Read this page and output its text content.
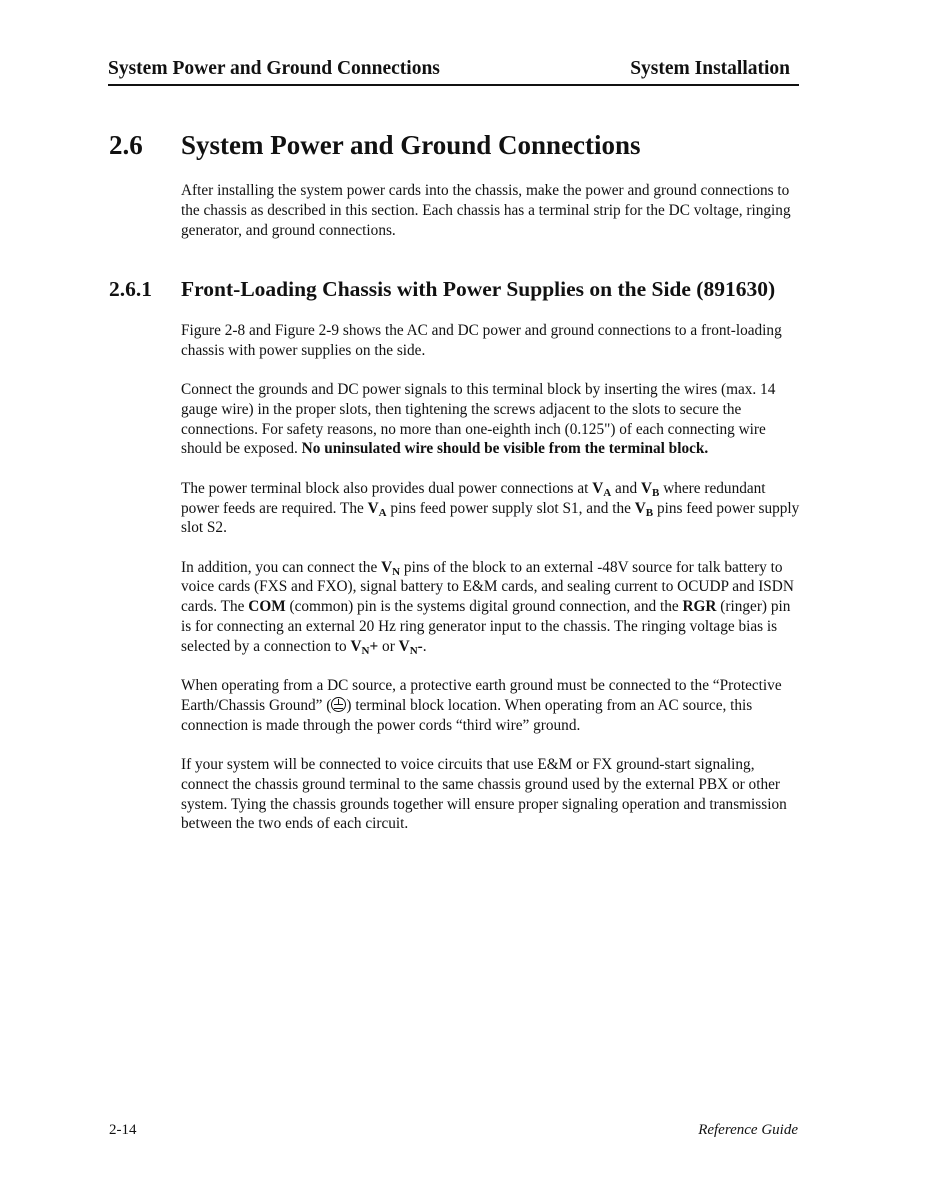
System Power and Ground Connections	System Installation
2.6 System Power and Ground Connections

After installing the system power cards into the chassis, make the power and ground connections to the chassis as described in this section. Each chassis has a terminal strip for the DC voltage, ringing generator, and ground connections.

2.6.1 Front-Loading Chassis with Power Supplies on the Side (891630)

Figure 2-8 and Figure 2-9 shows the AC and DC power and ground connections to a front-loading chassis with power supplies on the side.

Connect the grounds and DC power signals to this terminal block by inserting the wires (max. 14 gauge wire) in the proper slots, then tightening the screws adjacent to the slots to secure the connections. For safety reasons, no more than one-eighth inch (0.125") of each connecting wire should be exposed. No uninsulated wire should be visible from the terminal block.

The power terminal block also provides dual power connections at $V_A$ and $V_B$ where redundant power feeds are required. The $V_A$ pins feed power supply slot S1, and the $V_B$ pins feed power supply slot S2.

In addition, you can connect the $V_N$ pins of the block to an external -48V source for talk battery to voice cards (FXS and FXO), signal battery to E&M cards, and sealing current to OCUDP and ISDN cards. The COM (common) pin is the systems digital ground connection, and the RGR (ringer) pin is for connecting an external 20 Hz ring generator input to the chassis. The ringing voltage bias is selected by a connection to $V_N+$ or $V_N-$.

When operating from a DC source, a protective earth ground must be connected to the “Protective Earth/Chassis Ground” ( ) terminal block location. When operating from an AC source, this connection is made through the power cords “third wire” ground.

If your system will be connected to voice circuits that use E&M or FX ground-start signaling, connect the chassis ground terminal to the same chassis ground used by the external PBX or other system. Tying the chassis grounds together will ensure proper signaling operation and transmission between the two ends of each circuit.

2-14	Reference Guide
